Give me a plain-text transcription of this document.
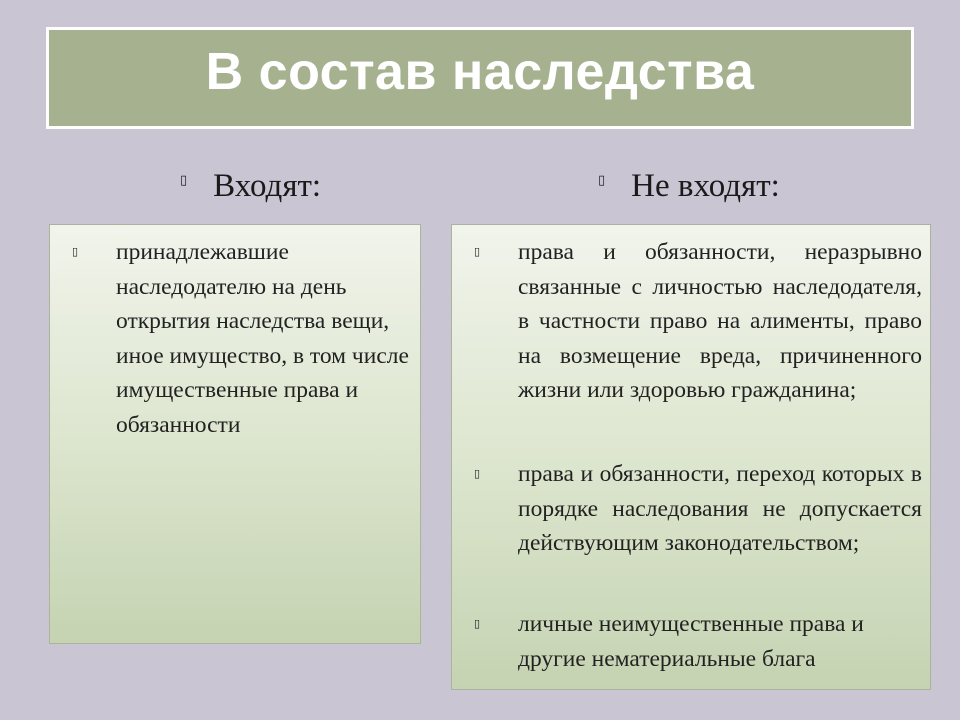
В состав наследства
▯ Входят:	▯ Не входят:
▯ принадлежавшие наследодателю на день открытия наследства вещи, иное имущество, в том числе имущественные права и обязанности
▯ права и обязанности, неразрывно связанные с личностью наследодателя, в частности право на алименты, право на возмещение вреда, причиненного жизни или здоровью гражданина;
▯ права и обязанности, переход которых в порядке наследования не допускается действующим законодательством;
▯ личные неимущественные права и другие нематериальные блага
